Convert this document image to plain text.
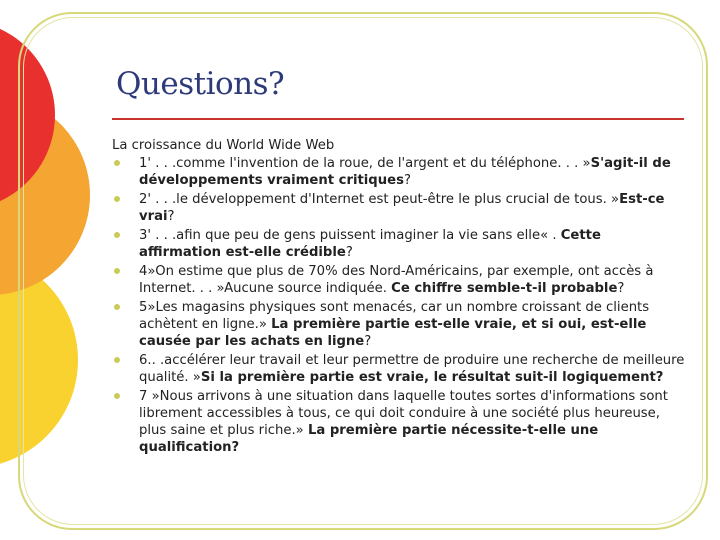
Questions?

La croissance du World Wide Web

1' . . .comme l'invention de la roue, de l'argent et du téléphone. . . »S'agit-il de développements vraiment critiques?
2' . . .le développement d'Internet est peut-être le plus crucial de tous. »Est-ce vrai?
3' . . .afin que peu de gens puissent imaginer la vie sans elle« . Cette affirmation est-elle crédible?
4»On estime que plus de 70% des Nord-Américains, par exemple, ont accès à Internet. . . »Aucune source indiquée. Ce chiffre semble-t-il probable?
5»Les magasins physiques sont menacés, car un nombre croissant de clients achètent en ligne.» La première partie est-elle vraie, et si oui, est-elle causée par les achats en ligne?
6.. .accélérer leur travail et leur permettre de produire une recherche de meilleure qualité. »Si la première partie est vraie, le résultat suit-il logiquement?
7 »Nous arrivons à une situation dans laquelle toutes sortes d'informations sont librement accessibles à tous, ce qui doit conduire à une société plus heureuse, plus saine et plus riche.» La première partie nécessite-t-elle une qualification?
